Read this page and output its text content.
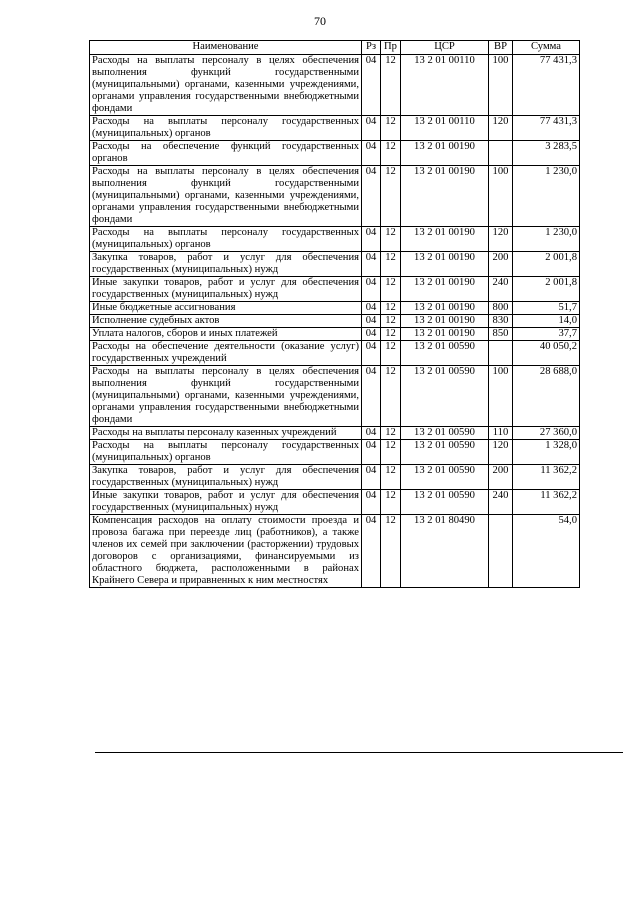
70
Наименование	Рз	Пр	ЦСР	ВР	Сумма
Расходы на выплаты персоналу в целях обеспечения выполнения функций государственными (муниципальными) органами, казенными учреждениями, органами управления государственными внебюджетными фондами	04	12	13 2 01 00110	100	77 431,3
Расходы на выплаты персоналу государственных (муниципальных) органов	04	12	13 2 01 00110	120	77 431,3
Расходы на обеспечение функций государственных органов	04	12	13 2 01 00190		3 283,5
Расходы на выплаты персоналу в целях обеспечения выполнения функций государственными (муниципальными) органами, казенными учреждениями, органами управления государственными внебюджетными фондами	04	12	13 2 01 00190	100	1 230,0
Расходы на выплаты персоналу государственных (муниципальных) органов	04	12	13 2 01 00190	120	1 230,0
Закупка товаров, работ и услуг для обеспечения государственных (муниципальных) нужд	04	12	13 2 01 00190	200	2 001,8
Иные закупки товаров, работ и услуг для обеспечения государственных (муниципальных) нужд	04	12	13 2 01 00190	240	2 001,8
Иные бюджетные ассигнования	04	12	13 2 01 00190	800	51,7
Исполнение судебных актов	04	12	13 2 01 00190	830	14,0
Уплата налогов, сборов и иных платежей	04	12	13 2 01 00190	850	37,7
Расходы на обеспечение деятельности (оказание услуг) государственных учреждений	04	12	13 2 01 00590		40 050,2
Расходы на выплаты персоналу в целях обеспечения выполнения функций государственными (муниципальными) органами, казенными учреждениями, органами управления государственными внебюджетными фондами	04	12	13 2 01 00590	100	28 688,0
Расходы на выплаты персоналу казенных учреждений	04	12	13 2 01 00590	110	27 360,0
Расходы на выплаты персоналу государственных (муниципальных) органов	04	12	13 2 01 00590	120	1 328,0
Закупка товаров, работ и услуг для обеспечения государственных (муниципальных) нужд	04	12	13 2 01 00590	200	11 362,2
Иные закупки товаров, работ и услуг для обеспечения государственных (муниципальных) нужд	04	12	13 2 01 00590	240	11 362,2
Компенсация расходов на оплату стоимости проезда и провоза багажа при переезде лиц (работников), а также членов их семей при заключении (расторжении) трудовых договоров с организациями, финансируемыми из областного бюджета, расположенными в районах Крайнего Севера и приравненных к ним местностях	04	12	13 2 01 80490		54,0
